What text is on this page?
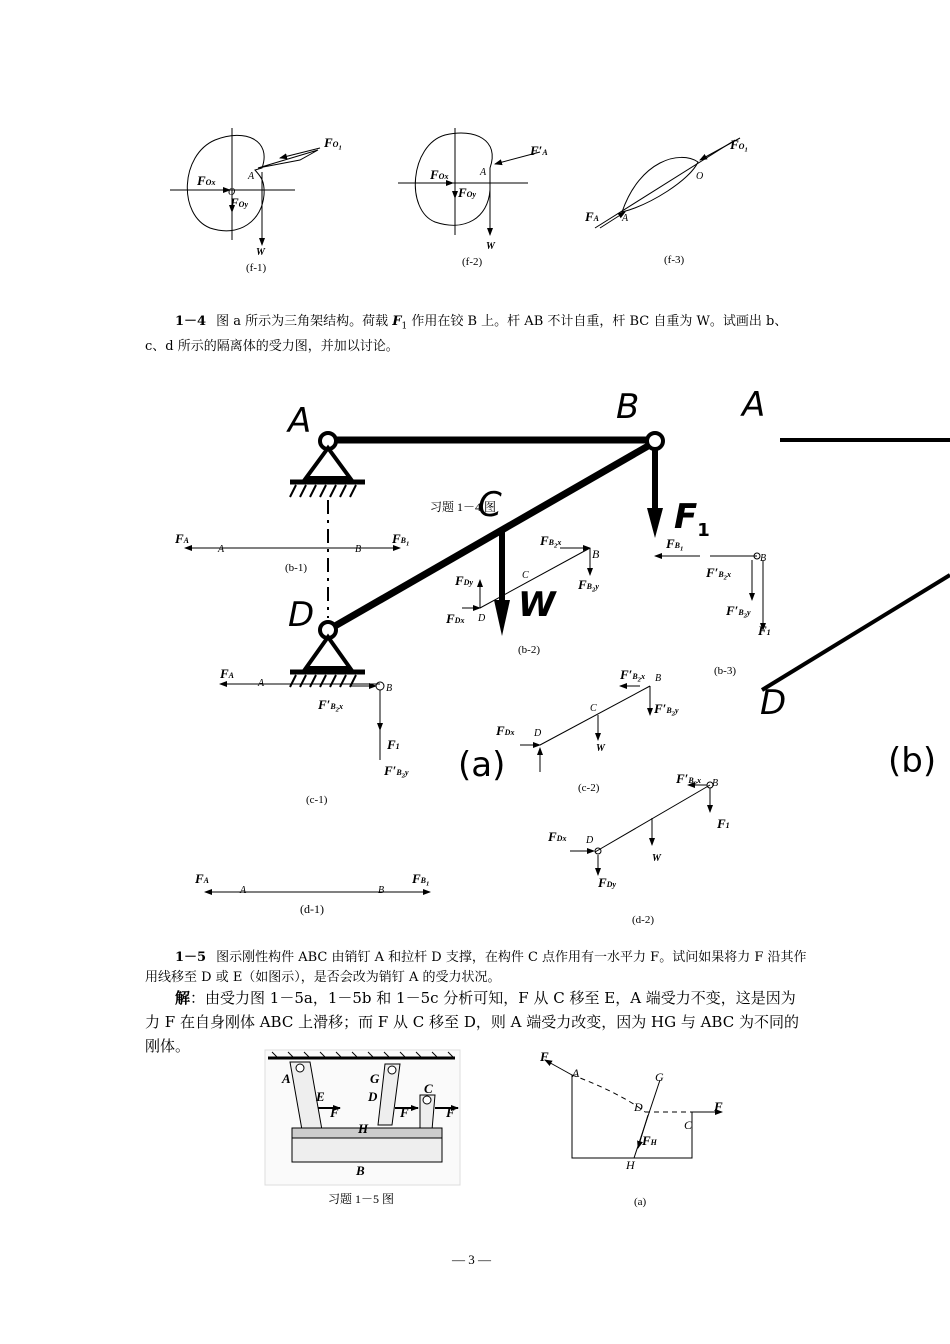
(f-1)	(f-2)	(f-3)
$FO_1$
A
FOx
O
FOy
W
F′A
A
FOx
FOy
W
$FO_1$
O
FA A
1－4 图 a 所示为三角架结构。荷载 $F_1$ 作用在铰 B 上。杆 AB 不计自重，杆 BC 自重为 W。试画出 b、c、d 所示的隔离体的受力图，并加以讨论。
A	B
C
D	W
$F_1$
(a)
A
D
(b)
习题 1－4 图
FA
A	B
$FB_1$
(b-1)
$FB_2x$
B
$FB_2y$
C
FDy
FDx D
(b-2)
$FB_1$
B
$F'B_2x$
$F'B_2y$
F1
(b-3)
FA
A	B
$F'B_2x$
F1
$F'B_2y$
(c-1)
$F'B_2x$ B
$F'B_2y$
C
W
FDx D
(c-2)
$F'B_2x$ B
F1
W
FDx D
FDy
(d-2)
FA
A	B
$FB_1$
(d-1)
1－5 图示刚性构件 ABC 由销钉 A 和拉杆 D 支撑，在构件 C 点作用有一水平力 F。试问如果将力 F 沿其作用线移至 D 或 E（如图示），是否会改为销钉 A 的受力状况。
解：由受力图 1－5a，1－5b 和 1－5c 分析可知，F 从 C 移至 E，A 端受力不变，这是因为力 F 在自身刚体 ABC 上滑移；而 F 从 C 移至 D，则 A 端受力改变，因为 HG 与 ABC 为不同的刚体。
A
E
F
G
D
F
H
C
F
B
习题 1－5 图
F
A	G
D	F
C
FH
H
(a)
— 3 —
